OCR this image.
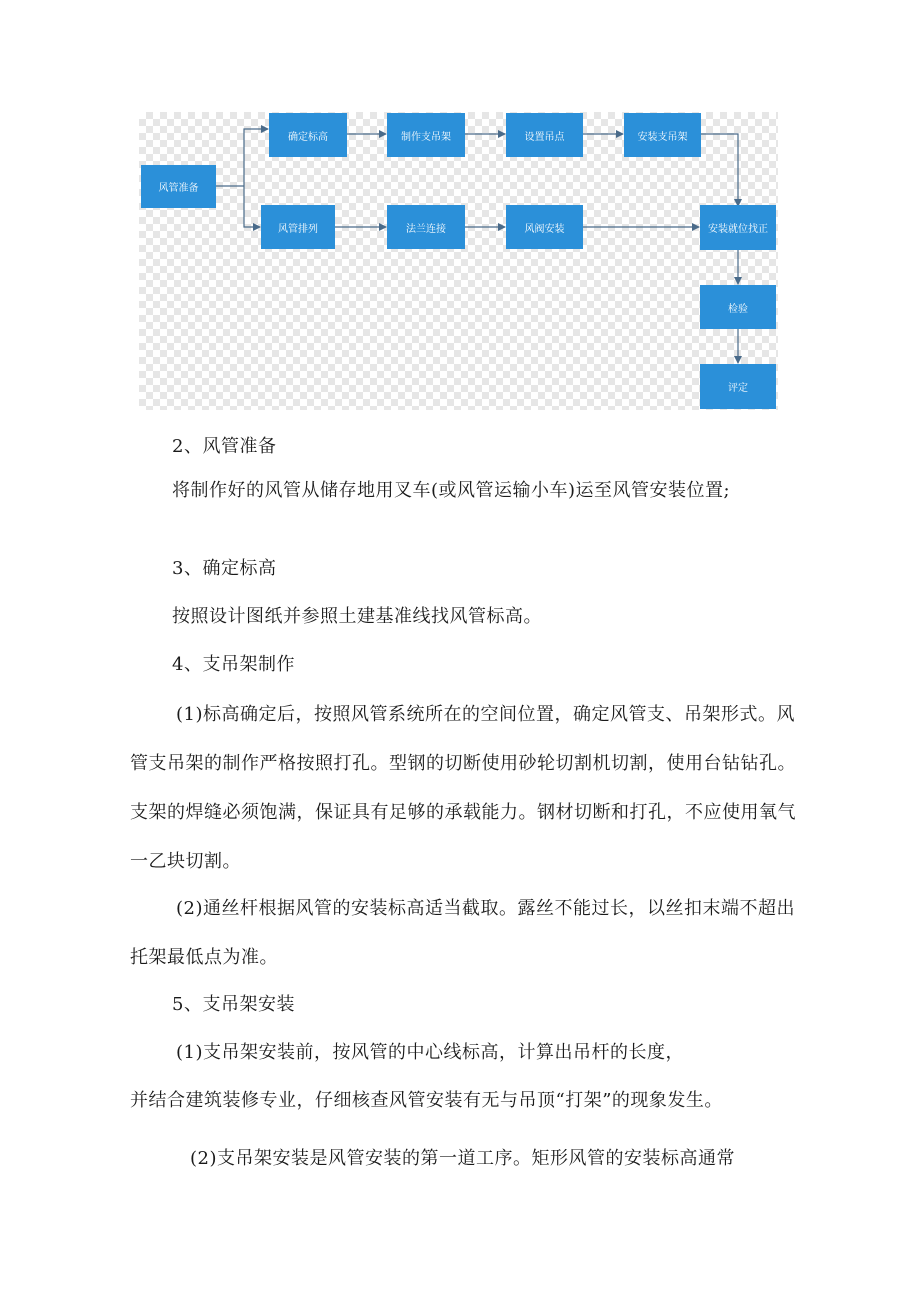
风管准备
确定标高	制作支吊架	设置吊点	安装支吊架
风管排列	法兰连接	风阀安装	安装就位找正
检验
评定

2、风管准备

将制作好的风管从储存地用叉车(或风管运输小车)运至风管安装位置;

3、确定标高

按照设计图纸并参照土建基准线找风管标高。

4、支吊架制作

(1)标高确定后，按照风管系统所在的空间位置，确定风管支、吊架形式。风管支吊架的制作严格按照打孔。型钢的切断使用砂轮切割机切割，使用台钻钻孔。支架的焊缝必须饱满，保证具有足够的承载能力。钢材切断和打孔，不应使用氧气一乙块切割。

(2)通丝杆根据风管的安装标高适当截取。露丝不能过长，以丝扣末端不超出托架最低点为准。

5、支吊架安装

(1)支吊架安装前，按风管的中心线标高，计算出吊杆的长度，

并结合建筑装修专业，仔细核查风管安装有无与吊顶“打架”的现象发生。

(2)支吊架安装是风管安装的第一道工序。矩形风管的安装标高通常
